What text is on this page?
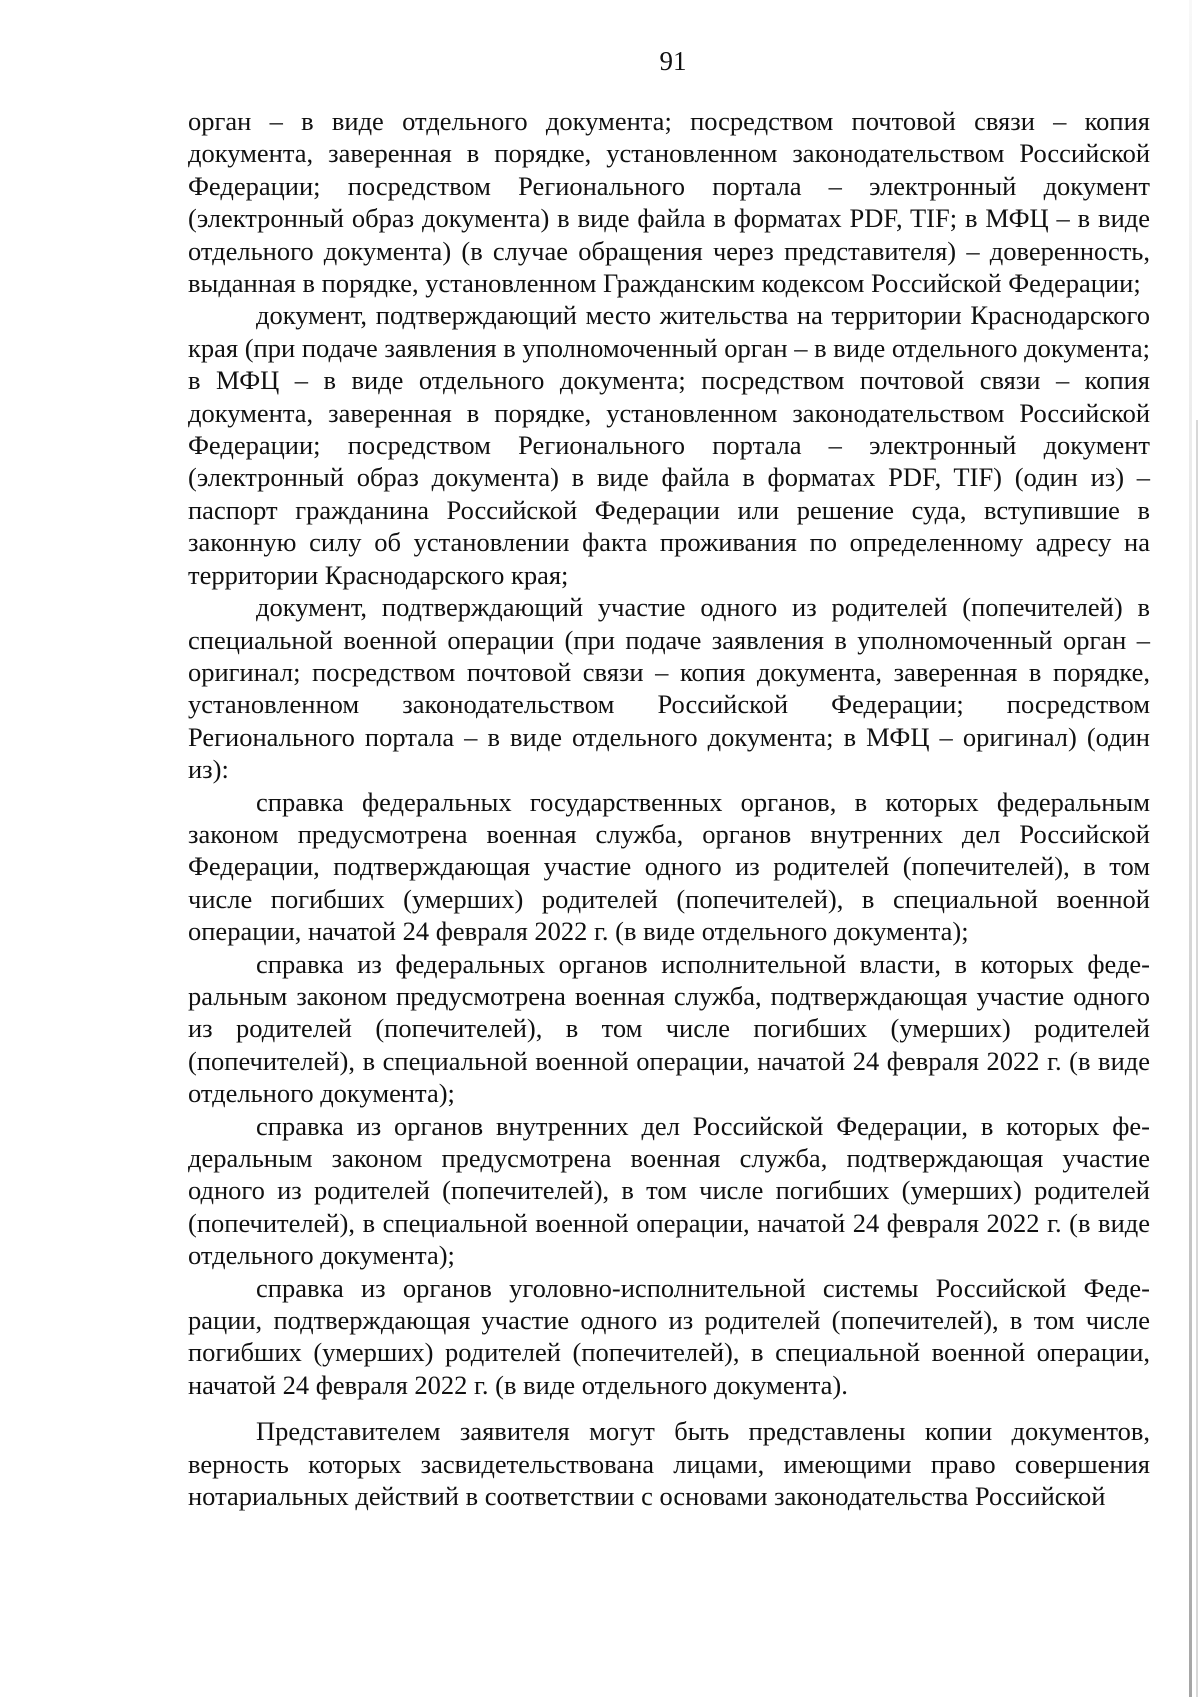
91

орган – в виде отдельного документа; посредством почтовой связи – копия документа, заверенная в порядке, установленном законодательством Российской Федерации; посредством Регионального портала – электронный документ (электронный образ документа) в виде файла в форматах PDF, TIF; в МФЦ – в виде отдельного документа) (в случае обращения через представителя) – доверенность, выданная в порядке, установленном Гражданским кодексом Российской Федерации;

документ, подтверждающий место жительства на территории Краснодарского края (при подаче заявления в уполномоченный орган – в виде отдельного документа; в МФЦ – в виде отдельного документа; посредством почтовой связи – копия документа, заверенная в порядке, установленном законодательством Российской Федерации; посредством Регионального портала – электронный документ (электронный образ документа) в виде файла в форматах PDF, TIF) (один из) – паспорт гражданина Российской Федерации или решение суда, вступившие в законную силу об установлении факта проживания по определенному адресу на территории Краснодарского края;

документ, подтверждающий участие одного из родителей (попечителей) в специальной военной операции (при подаче заявления в уполномоченный орган – оригинал; посредством почтовой связи – копия документа, заверенная в порядке, установленном законодательством Российской Федерации; посредством Регионального портала – в виде отдельного документа; в МФЦ – оригинал) (один из):

справка федеральных государственных органов, в которых федеральным законом предусмотрена военная служба, органов внутренних дел Российской Федерации, подтверждающая участие одного из родителей (попечителей), в том числе погибших (умерших) родителей (попечителей), в специальной военной операции, начатой 24 февраля 2022 г. (в виде отдельного документа);

справка из федеральных органов исполнительной власти, в которых федеральным законом предусмотрена военная служба, подтверждающая участие одного из родителей (попечителей), в том числе погибших (умерших) родителей (попечителей), в специальной военной операции, начатой 24 февраля 2022 г. (в виде отдельного документа);

справка из органов внутренних дел Российской Федерации, в которых федеральным законом предусмотрена военная служба, подтверждающая участие одного из родителей (попечителей), в том числе погибших (умерших) родителей (попечителей), в специальной военной операции, начатой 24 февраля 2022 г. (в виде отдельного документа);

справка из органов уголовно-исполнительной системы Российской Федерации, подтверждающая участие одного из родителей (попечителей), в том числе погибших (умерших) родителей (попечителей), в специальной военной операции, начатой 24 февраля 2022 г. (в виде отдельного документа).

Представителем заявителя могут быть представлены копии документов, верность которых засвидетельствована лицами, имеющими право совершения нотариальных действий в соответствии с основами законодательства Российской
